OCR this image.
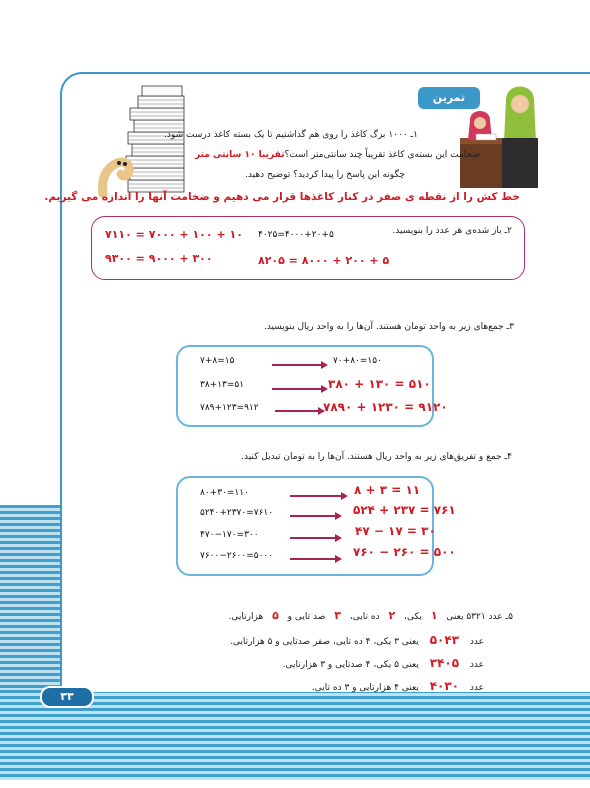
تمرین
۱ـ ۱۰۰۰ برگ کاغذ را روی هم گذاشتیم تا یک بسته کاغذ درست شود.
ضخامت این بسته‌ی کاغذ تقریباً چند سانتی‌متر است؟تقریبا ۱۰ سانتی متر
چگونه این پاسخ را پیدا کردید؟ توضیح دهید.
خط کش را از نقطه ی صفر در کنار کاغذها قرار می دهیم و ضخامت آنها را اندازه می گیریم.
۲ـ باز شده‌ی هر عدد را بنویسید.
۴۰۲۵=۴۰۰۰+۲۰+۵
۷۱۱۰ = ۷۰۰۰ + ۱۰۰ + ۱۰
۸۲۰۵ = ۸۰۰۰ + ۲۰۰ + ۵
۹۳۰۰ = ۹۰۰۰ + ۳۰۰
۳ـ جمع‌های زیر به واحد تومان هستند. آن‌ها را به واحد ریال بنویسید.
۷+۸=۱۵	۷۰+۸۰=۱۵۰
۳۸+۱۳=۵۱	۳۸۰ + ۱۳۰ = ۵۱۰
۷۸۹+۱۲۳=۹۱۲	۷۸۹۰ + ۱۲۳۰ = ۹۱۲۰
۴ـ جمع و تفریق‌های زیر به واحد ریال هستند. آن‌ها را به تومان تبدیل کنید.
۸۰+۳۰=۱۱۰	۸ + ۳ = ۱۱
۵۲۴۰+۲۳۷۰=۷۶۱۰	۵۲۴ + ۲۳۷ = ۷۶۱
۴۷۰−۱۷۰=۳۰۰	۴۷ − ۱۷ = ۳۰
۷۶۰۰−۲۶۰۰=۵۰۰۰	۷۶۰ − ۲۶۰ = ۵۰۰
۵ـ عدد ۵۳۲۱ یعنی ۱ یکی، ۲ ده تایی، ۳ صد تایی و ۵ هزارتایی.
عدد ۵۰۴۳ یعنی ۳ یکی، ۴ ده تایی، صفر صدتایی و ۵ هزارتایی.
عدد ۳۴۰۵ یعنی ۵ یکی، ۴ صدتایی و ۳ هزارتایی.
عدد ۴۰۳۰ یعنی ۴ هزارتایی و ۳ ده تایی.
۳۳
